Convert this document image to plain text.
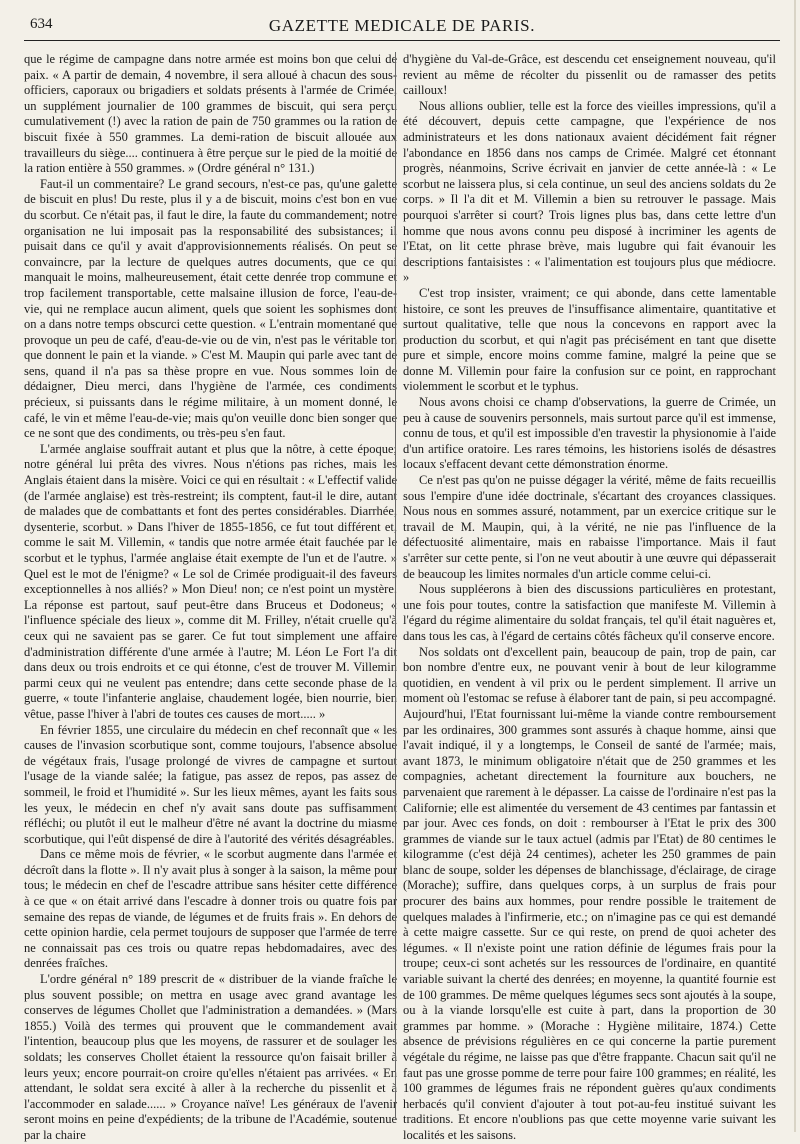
634	GAZETTE MEDICALE DE PARIS.

que le régime de campagne dans notre armée est moins bon que celui de paix. « A partir de demain, 4 novembre, il sera alloué à chacun des sous-officiers, caporaux ou brigadiers et soldats présents à l'armée de Crimée, un supplément journalier de 100 grammes de biscuit, qui sera perçu cumulativement (!) avec la ration de pain de 750 grammes ou la ration de biscuit fixée à 550 grammes. La demi-ration de biscuit allouée aux travailleurs du siège.... continuera à être perçue sur le pied de la moitié de la ration entière à 550 grammes. » (Ordre général n° 131.)

Faut-il un commentaire? Le grand secours, n'est-ce pas, qu'une galette de biscuit en plus! Du reste, plus il y a de biscuit, moins c'est bon en vue du scorbut. Ce n'était pas, il faut le dire, la faute du commandement; notre organisation ne lui imposait pas la responsabilité des subsistances; il puisait dans ce qu'il y avait d'approvisionnements réalisés. On peut se convaincre, par la lecture de quelques autres documents, que ce qui manquait le moins, malheureusement, était cette denrée trop commune et trop facilement transportable, cette malsaine illusion de force, l'eau-de-vie, qui ne remplace aucun aliment, quels que soient les sophismes dont on a dans notre temps obscurci cette question. « L'entrain momentané que provoque un peu de café, d'eau-de-vie ou de vin, n'est pas le véritable ton que donnent le pain et la viande. » C'est M. Maupin qui parle avec tant de sens, quand il n'a pas sa thèse propre en vue. Nous sommes loin de dédaigner, Dieu merci, dans l'hygiène de l'armée, ces condiments précieux, si puissants dans le régime militaire, à un moment donné, le café, le vin et même l'eau-de-vie; mais qu'on veuille donc bien songer que ce ne sont que des condiments, ou très-peu s'en faut.

L'armée anglaise souffrait autant et plus que la nôtre, à cette époque; notre général lui prêta des vivres. Nous n'étions pas riches, mais les Anglais étaient dans la misère. Voici ce qui en résultait : « L'effectif valide (de l'armée anglaise) est très-restreint; ils comptent, faut-il le dire, autant de malades que de combattants et font des pertes considérables. Diarrhée, dysenterie, scorbut. » Dans l'hiver de 1855-1856, ce fut tout différent et, comme le sait M. Villemin, « tandis que notre armée était fauchée par le scorbut et le typhus, l'armée anglaise était exempte de l'un et de l'autre. » Quel est le mot de l'énigme? « Le sol de Crimée prodiguait-il des faveurs exceptionnelles à nos alliés? » Mon Dieu! non; ce n'est point un mystère. La réponse est partout, sauf peut-être dans Bruceus et Dodoneus; « l'influence spéciale des lieux », comme dit M. Frilley, n'était cruelle qu'à ceux qui ne savaient pas se garer. Ce fut tout simplement une affaire d'administration différente d'une armée à l'autre; M. Léon Le Fort l'a dit dans deux ou trois endroits et ce qui étonne, c'est de trouver M. Villemin parmi ceux qui ne veulent pas entendre; dans cette seconde phase de la guerre, « toute l'infanterie anglaise, chaudement logée, bien nourrie, bien vêtue, passe l'hiver à l'abri de toutes ces causes de mort..... »

En février 1855, une circulaire du médecin en chef reconnaît que « les causes de l'invasion scorbutique sont, comme toujours, l'absence absolue de végétaux frais, l'usage prolongé de vivres de campagne et surtout l'usage de la viande salée; la fatigue, pas assez de repos, pas assez de sommeil, le froid et l'humidité ». Sur les lieux mêmes, ayant les faits sous les yeux, le médecin en chef n'y avait sans doute pas suffisamment réfléchi; ou plutôt il eut le malheur d'être né avant la doctrine du miasme scorbutique, qui l'eût dispensé de dire à l'autorité des vérités désagréables.

Dans ce même mois de février, « le scorbut augmente dans l'armée et décroît dans la flotte ». Il n'y avait plus à songer à la saison, la même pour tous; le médecin en chef de l'escadre attribue sans hésiter cette différence à ce que « on était arrivé dans l'escadre à donner trois ou quatre fois par semaine des repas de viande, de légumes et de fruits frais ». En dehors de cette opinion hardie, cela permet toujours de supposer que l'armée de terre ne connaissait pas ces trois ou quatre repas hebdomadaires, avec des denrées fraîches.

L'ordre général n° 189 prescrit de « distribuer de la viande fraîche le plus souvent possible; on mettra en usage avec grand avantage les conserves de légumes Chollet que l'administration a demandées. » (Mars 1855.) Voilà des termes qui prouvent que le commandement avait l'intention, beaucoup plus que les moyens, de rassurer et de soulager les soldats; les conserves Chollet étaient la ressource qu'on faisait briller à leurs yeux; encore pourrait-on croire qu'elles n'étaient pas arrivées. « En attendant, le soldat sera excité à aller à la recherche du pissenlit et à l'accommoder en salade...... » Croyance naïve! Les généraux de l'avenir seront moins en peine d'expédients; de la tribune de l'Académie, soutenue par la chaire

d'hygiène du Val-de-Grâce, est descendu cet enseignement nouveau, qu'il revient au même de récolter du pissenlit ou de ramasser des petits cailloux!

Nous allions oublier, telle est la force des vieilles impressions, qu'il a été découvert, depuis cette campagne, que l'expérience de nos administrateurs et les dons nationaux avaient décidément fait régner l'abondance en 1856 dans nos camps de Crimée. Malgré cet étonnant progrès, néanmoins, Scrive écrivait en janvier de cette année-là : « Le scorbut ne laissera plus, si cela continue, un seul des anciens soldats du 2e corps. » Il l'a dit et M. Villemin a bien su retrouver le passage. Mais pourquoi s'arrêter si court? Trois lignes plus bas, dans cette lettre d'un homme que nous avons connu peu disposé à incriminer les agents de l'Etat, on lit cette phrase brève, mais lugubre qui fait évanouir les descriptions fantaisistes : « l'alimentation est toujours plus que médiocre. »

C'est trop insister, vraiment; ce qui abonde, dans cette lamentable histoire, ce sont les preuves de l'insuffisance alimentaire, quantitative et surtout qualitative, telle que nous la concevons en rapport avec la production du scorbut, et qui n'agit pas précisément en tant que disette pure et simple, encore moins comme famine, malgré la peine que se donne M. Villemin pour faire la confusion sur ce point, en rapprochant violemment le scorbut et le typhus.

Nous avons choisi ce champ d'observations, la guerre de Crimée, un peu à cause de souvenirs personnels, mais surtout parce qu'il est immense, connu de tous, et qu'il est impossible d'en travestir la physionomie à l'aide d'un artifice oratoire. Les rares témoins, les historiens isolés de désastres locaux s'effacent devant cette démonstration énorme.

Ce n'est pas qu'on ne puisse dégager la vérité, même de faits recueillis sous l'empire d'une idée doctrinale, s'écartant des croyances classiques. Nous nous en sommes assuré, notamment, par un exercice critique sur le travail de M. Maupin, qui, à la vérité, ne nie pas l'influence de la défectuosité alimentaire, mais en rabaisse l'importance. Mais il faut s'arrêter sur cette pente, si l'on ne veut aboutir à une œuvre qui dépasserait de beaucoup les limites normales d'un article comme celui-ci.

Nous suppléerons à bien des discussions particulières en protestant, une fois pour toutes, contre la satisfaction que manifeste M. Villemin à l'égard du régime alimentaire du soldat français, tel qu'il était naguères et, dans tous les cas, à l'égard de certains côtés fâcheux qu'il conserve encore.

Nos soldats ont d'excellent pain, beaucoup de pain, trop de pain, car bon nombre d'entre eux, ne pouvant venir à bout de leur kilogramme quotidien, en vendent à vil prix ou le perdent simplement. Il arrive un moment où l'estomac se refuse à élaborer tant de pain, si peu accompagné. Aujourd'hui, l'Etat fournissant lui-même la viande contre remboursement par les ordinaires, 300 grammes sont assurés à chaque homme, ainsi que l'avait indiqué, il y a longtemps, le Conseil de santé de l'armée; mais, avant 1873, le minimum obligatoire n'était que de 250 grammes et les compagnies, achetant directement la fourniture aux bouchers, ne parvenaient que rarement à le dépasser. La caisse de l'ordinaire n'est pas la Californie; elle est alimentée du versement de 43 centimes par fantassin et par jour. Avec ces fonds, on doit : rembourser à l'Etat le prix des 300 grammes de viande sur le taux actuel (admis par l'Etat) de 80 centimes le kilogramme (c'est déjà 24 centimes), acheter les 250 grammes de pain blanc de soupe, solder les dépenses de blanchissage, d'éclairage, de cirage (Morache); suffire, dans quelques corps, à un surplus de frais pour procurer des bains aux hommes, pour rendre possible le traitement de quelques malades à l'infirmerie, etc.; on n'imagine pas ce qui est demandé à cette maigre cassette. Sur ce qui reste, on prend de quoi acheter des légumes. « Il n'existe point une ration définie de légumes frais pour la troupe; ceux-ci sont achetés sur les ressources de l'ordinaire, en quantité variable suivant la cherté des denrées; en moyenne, la quantité fournie est de 100 grammes. De même quelques légumes secs sont ajoutés à la soupe, ou à la viande lorsqu'elle est cuite à part, dans la proportion de 30 grammes par homme. » (Morache : Hygiène militaire, 1874.) Cette absence de prévisions régulières en ce qui concerne la partie purement végétale du régime, ne laisse pas que d'être frappante. Chacun sait qu'il ne faut pas une grosse pomme de terre pour faire 100 grammes; en réalité, les 100 grammes de légumes frais ne répondent guères qu'aux condiments herbacés qu'il convient d'ajouter à tout pot-au-feu institué suivant les traditions. Et encore n'oublions pas que cette moyenne varie suivant les localités et les saisons.
